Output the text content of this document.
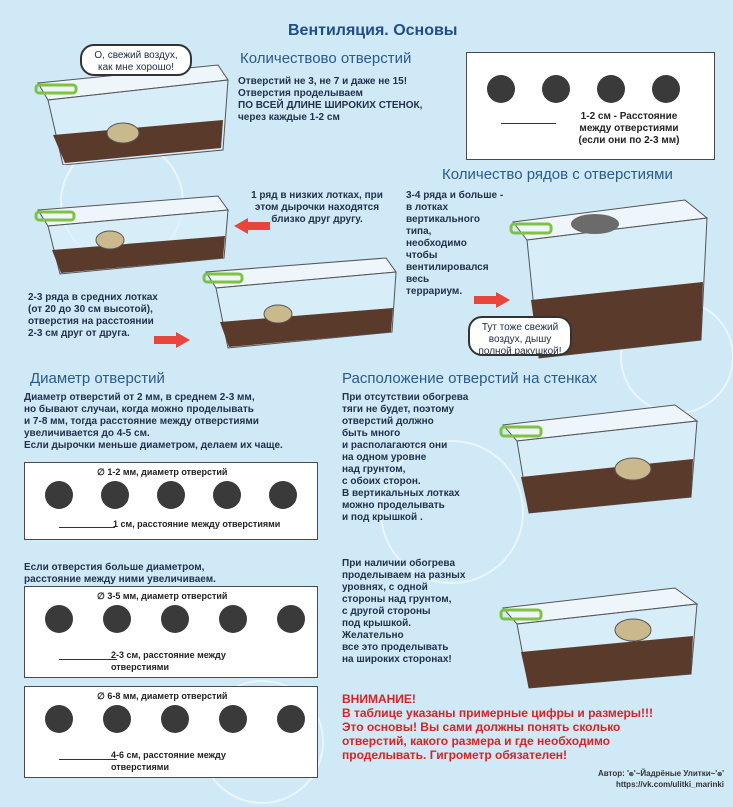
Вентиляция. Основы
Количествово отверстий
Отверстий не 3, не 7 и даже не 15!
Отверстия проделываем
ПО ВСЕЙ ДЛИНЕ ШИРОКИХ СТЕНОК,
через каждые 1-2 см
О, свежий воздух,
как мне хорошо!
1-2 см - Расстояние
между отверстиями
(если они по 2-3 мм)
Количество рядов с отверстиями
1 ряд в низких лотках, при
этом дырочки находятся
близко друг другу.
2-3 ряда в средних лотках
(от 20 до 30 см высотой),
отверстия на расстоянии
2-3 см друг от друга.
3-4 ряда и больше -
в лотках
вертикального
типа,
необходимо
чтобы
вентилировался
весь
террариум.
Тут тоже свежий
воздух, дышу
полной ракушкой!
Диаметр отверстий
Диаметр отверстий от 2 мм, в среднем 2-3 мм,
но бывают случаи, когда можно проделывать
и 7-8 мм, тогда расстояние между отверстиями
увеличивается до 4-5 см.
Если дырочки меньше диаметром, делаем их чаще.
∅ 1-2 мм, диаметр отверстий
1 см, расстояние между отверстиями
Если отверстия больше диаметром,
расстояние между ними увеличиваем.
∅ 3-5 мм, диаметр отверстий
2-3 см, расстояние между
отверстиями
∅ 6-8 мм, диаметр отверстий
4-6 см, расстояние между
отверстиями
Расположение отверстий на стенках
При отсутствии обогрева
тяги не будет, поэтому
отверстий должно
быть много
и располагаются они
на одном уровне
над грунтом,
с обоих сторон.
В вертикальных лотках
можно проделывать
и под крышкой .
При наличии обогрева
проделываем на разных
уровнях, с одной
стороны над грунтом,
с другой стороны
под крышкой.
Желательно
все это проделывать
на широких сторонах!
ВНИМАНИЕ!
В таблице указаны примерные цифры и размеры!!!
Это основы! Вы сами должны понять сколько
отверстий, какого размера и где необходимо
проделывать. Гигрометр обязателен!
Автор: '๏'~Йадрёные Улитки~'๏'
https://vk.com/ulitki_marinki
